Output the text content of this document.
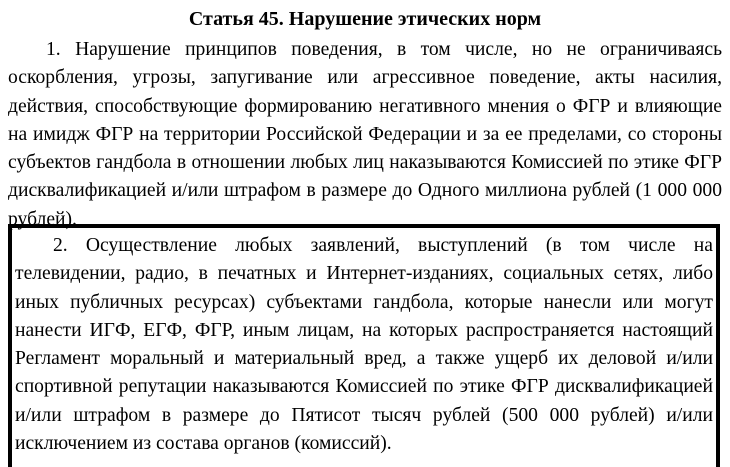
Статья 45. Нарушение этических норм

1. Нарушение принципов поведения, в том числе, но не ограничиваясь оскорбления, угрозы, запугивание или агрессивное поведение, акты насилия, действия, способствующие формированию негативного мнения о ФГР и влияющие на имидж ФГР на территории Российской Федерации и за ее пределами, со стороны субъектов гандбола в отношении любых лиц наказываются Комиссией по этике ФГР дисквалификацией и/или штрафом в размере до Одного миллиона рублей (1 000 000 рублей).

2. Осуществление любых заявлений, выступлений (в том числе на телевидении, радио, в печатных и Интернет-изданиях, социальных сетях, либо иных публичных ресурсах) субъектами гандбола, которые нанесли или могут нанести ИГФ, ЕГФ, ФГР, иным лицам, на которых распространяется настоящий Регламент моральный и материальный вред, а также ущерб их деловой и/или спортивной репутации наказываются Комиссией по этике ФГР дисквалификацией и/или штрафом в размере до Пятисот тысяч рублей (500 000 рублей) и/или исключением из состава органов (комиссий).
